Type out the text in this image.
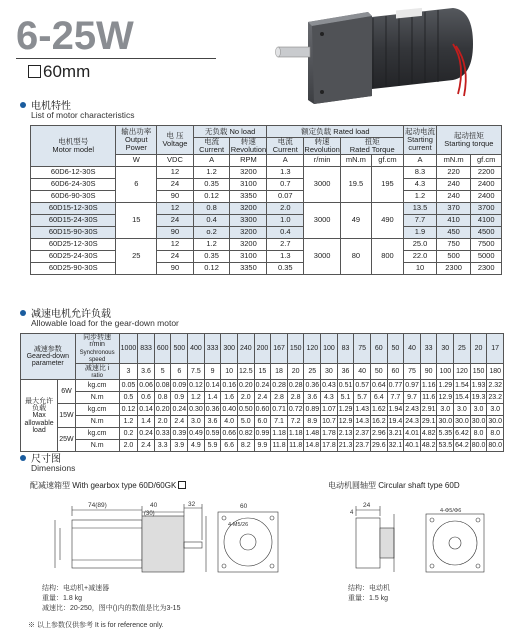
6-25W
60mm
电机特性
List of motor characteristics
电机型号
Motor model	输出功率
Output Power	电 压
Voltage	无负载 No load		额定负载 Rated load				起动电流
Starting
current	起动扭矩
Starting torque	
			电流
Current	转速
Revolution	电流
Current	转速
Revolution	扭矩
Rated Torque				
	W	VDC	A	RPM	A	r/min	mN.m	gf.cm	A	mN.m	gf.cm
60D6-12-30S	6	12	1.2	3200	1.3	3000	19.5	195	8.3	220	2200
60D6-24-30S		24	0.35	3100	0.7				4.3	240	2400
60D6-90-30S		90	0.12	3350	0.07				1.2	240	2400
60D15-12-30S	15	12	0.8	3200	2.0	3000	49	490	13.5	370	3700
60D15-24-30S		24	0.4	3300	1.0				7.7	410	4100
60D15-90-30S		90	o.2	3200	0.4				1.9	450	4500
60D25-12-30S	25	12	1.2	3200	2.7	3000	80	800	25.0	750	7500
60D25-24-30S		24	0.35	3100	1.3				22.0	500	5000
60D25-90-30S		90	0.12	3350	0.35				10	2300	2300
减速电机允许负载
Allowable load for the gear-down motor
减速参数
Geared-down
parameter		同步转速r/min
Synchronous speed	1000	833	600	500	400	333	300	240	200	167	150	120	100	83	75	60	50	40	33	30	25	20	17
		减速比 i
ratio	3	3.6	5	6	7.5	9	10	12.5	15	18	20	25	30	36	40	50	60	75	90	100	120	150	180
最大允许负载
Max allowable
load	6W	kg.cm	0.05	0.06	0.08	0.09	0.12	0.14	0.16	0.20	0.24	0.28	0.28	0.36	0.43	0.51	0.57	0.64	0.77	0.97	1.16	1.29	1.54	1.93	2.32
		N.m	0.5	0.6	0.8	0.9	1.2	1.4	1.6	2.0	2.4	2.8	2.8	3.6	4.3	5.1	5.7	6.4	7.7	9.7	11.6	12.9	15.4	19.3	23.2
	15W	kg.cm	0.12	0.14	0.20	0.24	0.30	0.36	0.40	0.50	0.60	0.71	0.72	0.89	1.07	1.29	1.43	1.62	1.94	2.43	2.91	3.0	3.0	3.0	3.0
		N.m	1.2	1.4	2.0	2.4	3.0	3.6	4.0	5.0	6.0	7.1	7.2	8.9	10.7	12.9	14.3	16.2	19.4	24.3	29.1	30.0	30.0	30.0	30.0
	25W	kg.cm	0.2	0.24	0.33	0.39	0.49	0.59	0.66	0.82	0.99	1.18	1.18	1.48	1.78	2.13	2.37	2.96	3.21	4.01	4.82	5.35	6.42	8.0	8.0
		N.m	2.0	2.4	3.3	3.9	4.9	5.9	6.6	8.2	9.9	11.8	11.8	14.8	17.8	21.3	23.7	29.6	32.1	40.1	48.2	53.5	64.2	80.0	80.0
尺寸图
Dimensions
配减速箱型 With gearbox type 60D/60GK	电动机圆轴型 Circular shaft type 60D
74(89)	40
(30)
32	60
4-M5/26
24
4	4-Φ5/Φ6
结构：电动机+减速器
重量：1.8 kg
减速比：20-250，图中()内的数值是比为3-15
结构：电动机
重量：1.5 kg
※ 以上参数仅供参考 It is for reference only.
